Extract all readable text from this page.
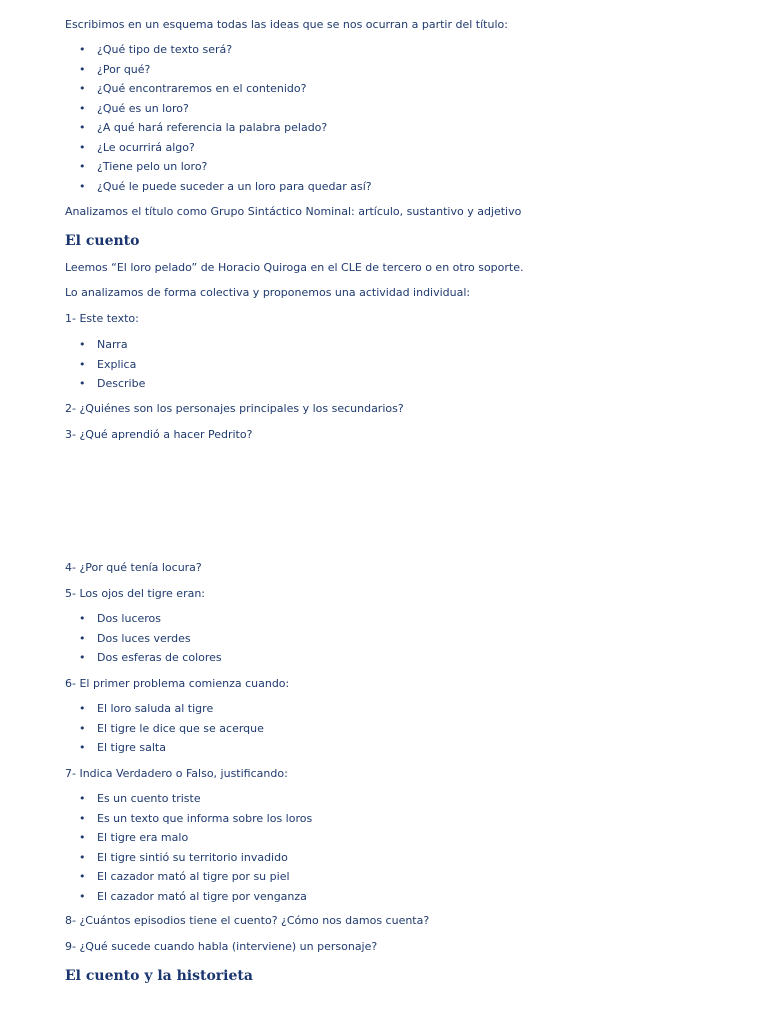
Escribimos en un esquema todas las ideas que se nos ocurran a partir del título:
• ¿Qué tipo de texto será?
• ¿Por qué?
• ¿Qué encontraremos en el contenido?
• ¿Qué es un loro?
• ¿A qué hará referencia la palabra pelado?
• ¿Le ocurrirá algo?
• ¿Tiene pelo un loro?
• ¿Qué le puede suceder a un loro para quedar así?
Analizamos el título como Grupo Sintáctico Nominal: artículo, sustantivo y adjetivo
El cuento
Leemos “El loro pelado” de Horacio Quiroga en el CLE de tercero o en otro soporte.
Lo analizamos de forma colectiva y proponemos una actividad individual:
1- Este texto:
• Narra
• Explica
• Describe
2- ¿Quiénes son los personajes principales y los secundarios?
3- ¿Qué aprendió a hacer Pedrito?
4- ¿Por qué tenía locura?
5- Los ojos del tigre eran:
• Dos luceros
• Dos luces verdes
• Dos esferas de colores
6- El primer problema comienza cuando:
• El loro saluda al tigre
• El tigre le dice que se acerque
• El tigre salta
7- Indica Verdadero o Falso, justificando:
• Es un cuento triste
• Es un texto que informa sobre los loros
• El tigre era malo
• El tigre sintió su territorio invadido
• El cazador mató al tigre por su piel
• El cazador mató al tigre por venganza
8- ¿Cuántos episodios tiene el cuento? ¿Cómo nos damos cuenta?
9- ¿Qué sucede cuando habla (interviene) un personaje?
El cuento y la historieta
